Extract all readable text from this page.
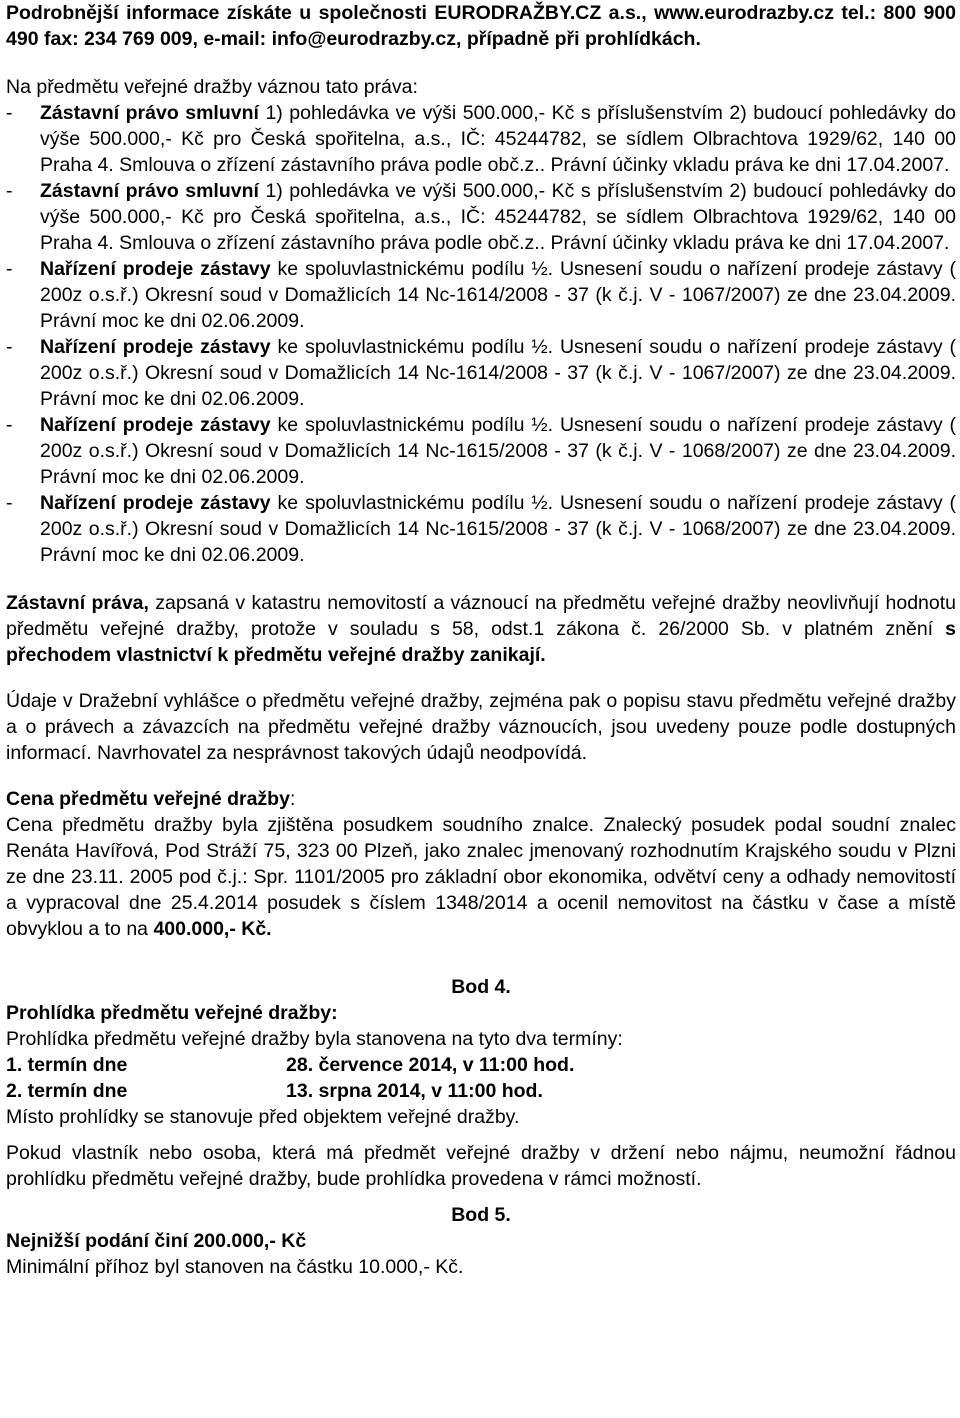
Podrobnější informace získáte u společnosti EURODRAŽBY.CZ a.s., www.eurodrazby.cz tel.: 800 900 490 fax: 234 769 009, e-mail: info@eurodrazby.cz, případně při prohlídkách.

Na předmětu veřejné dražby váznou tato práva:

- Zástavní právo smluvní 1) pohledávka ve výši 500.000,- Kč s příslušenstvím 2) budoucí pohledávky do výše 500.000,- Kč pro Česká spořitelna, a.s., IČ: 45244782, se sídlem Olbrachtova 1929/62, 140 00 Praha 4. Smlouva o zřízení zástavního práva podle obč.z.. Právní účinky vkladu práva ke dni 17.04.2007.
- Zástavní právo smluvní 1) pohledávka ve výši 500.000,- Kč s příslušenstvím 2) budoucí pohledávky do výše 500.000,- Kč pro Česká spořitelna, a.s., IČ: 45244782, se sídlem Olbrachtova 1929/62, 140 00 Praha 4. Smlouva o zřízení zástavního práva podle obč.z.. Právní účinky vkladu práva ke dni 17.04.2007.
- Nařízení prodeje zástavy ke spoluvlastnickému podílu ½. Usnesení soudu o nařízení prodeje zástavy ( 200z o.s.ř.) Okresní soud v Domažlicích 14 Nc-1614/2008 - 37 (k č.j. V - 1067/2007) ze dne 23.04.2009. Právní moc ke dni 02.06.2009.
- Nařízení prodeje zástavy ke spoluvlastnickému podílu ½. Usnesení soudu o nařízení prodeje zástavy ( 200z o.s.ř.) Okresní soud v Domažlicích 14 Nc-1614/2008 - 37 (k č.j. V - 1067/2007) ze dne 23.04.2009. Právní moc ke dni 02.06.2009.
- Nařízení prodeje zástavy ke spoluvlastnickému podílu ½. Usnesení soudu o nařízení prodeje zástavy ( 200z o.s.ř.) Okresní soud v Domažlicích 14 Nc-1615/2008 - 37 (k č.j. V - 1068/2007) ze dne 23.04.2009. Právní moc ke dni 02.06.2009.
- Nařízení prodeje zástavy ke spoluvlastnickému podílu ½. Usnesení soudu o nařízení prodeje zástavy ( 200z o.s.ř.) Okresní soud v Domažlicích 14 Nc-1615/2008 - 37 (k č.j. V - 1068/2007) ze dne 23.04.2009. Právní moc ke dni 02.06.2009.

Zástavní práva, zapsaná v katastru nemovitostí a váznoucí na předmětu veřejné dražby neovlivňují hodnotu předmětu veřejné dražby, protože v souladu s 58, odst.1 zákona č. 26/2000 Sb. v platném znění s přechodem vlastnictví k předmětu veřejné dražby zanikají.

Údaje v Dražební vyhlášce o předmětu veřejné dražby, zejména pak o popisu stavu předmětu veřejné dražby a o právech a závazcích na předmětu veřejné dražby váznoucích, jsou uvedeny pouze podle dostupných informací. Navrhovatel za nesprávnost takových údajů neodpovídá.

Cena předmětu veřejné dražby:

Cena předmětu dražby byla zjištěna posudkem soudního znalce. Znalecký posudek podal soudní znalec Renáta Havířová, Pod Stráží 75, 323 00 Plzeň, jako znalec jmenovaný rozhodnutím Krajského soudu v Plzni ze dne 23.11. 2005 pod č.j.: Spr. 1101/2005 pro základní obor ekonomika, odvětví ceny a odhady nemovitostí a vypracoval dne 25.4.2014 posudek s číslem 1348/2014 a ocenil nemovitost na částku v čase a místě obvyklou a to na 400.000,- Kč.

Bod 4.

Prohlídka předmětu veřejné dražby:

Prohlídka předmětu veřejné dražby byla stanovena na tyto dva termíny:

1. termín dne	28. července 2014, v 11:00 hod.
2. termín dne	13. srpna 2014, v 11:00 hod.

Místo prohlídky se stanovuje před objektem veřejné dražby.

Pokud vlastník nebo osoba, která má předmět veřejné dražby v držení nebo nájmu, neumožní řádnou prohlídku předmětu veřejné dražby, bude prohlídka provedena v rámci možností.

Bod 5.

Nejnižší podání činí 200.000,- Kč

Minimální příhoz byl stanoven na částku 10.000,- Kč.
